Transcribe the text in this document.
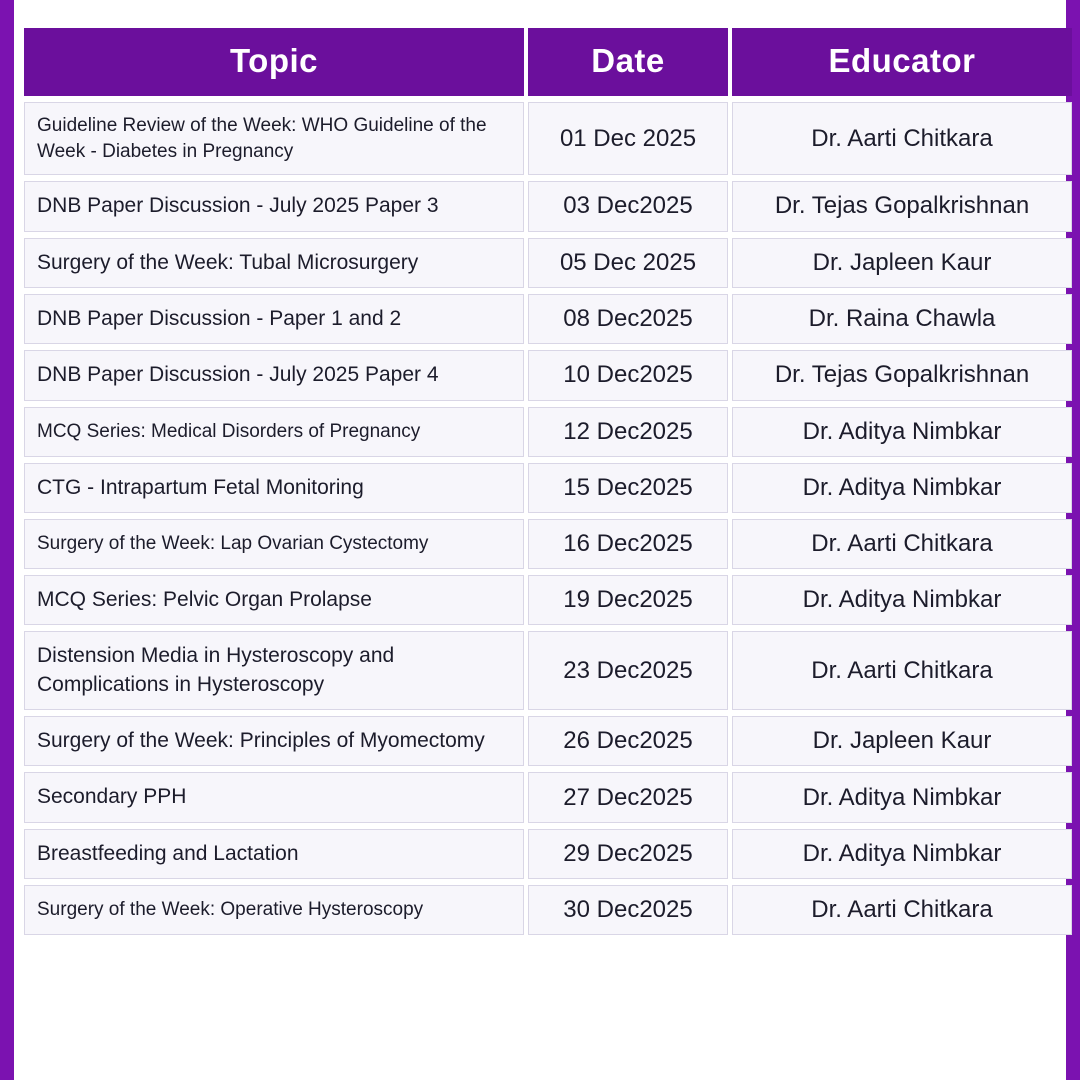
Topic	Date	Educator
Guideline Review of the Week: WHO Guideline of the Week - Diabetes in Pregnancy	01 Dec 2025	Dr. Aarti Chitkara
DNB Paper Discussion - July 2025 Paper 3	03 Dec2025	Dr. Tejas Gopalkrishnan
Surgery of the Week: Tubal Microsurgery	05 Dec 2025	Dr. Japleen Kaur
DNB Paper Discussion - Paper 1 and 2	08 Dec2025	Dr. Raina Chawla
DNB Paper Discussion - July 2025 Paper 4	10 Dec2025	Dr. Tejas Gopalkrishnan
MCQ Series: Medical Disorders of Pregnancy	12 Dec2025	Dr. Aditya Nimbkar
CTG - Intrapartum Fetal Monitoring	15 Dec2025	Dr. Aditya Nimbkar
Surgery of the Week: Lap Ovarian Cystectomy	16 Dec2025	Dr. Aarti Chitkara
MCQ Series: Pelvic Organ Prolapse	19 Dec2025	Dr. Aditya Nimbkar
Distension Media in Hysteroscopy and Complications in Hysteroscopy	23 Dec2025	Dr. Aarti Chitkara
Surgery of the Week: Principles of Myomectomy	26 Dec2025	Dr. Japleen Kaur
Secondary PPH	27 Dec2025	Dr. Aditya Nimbkar
Breastfeeding and Lactation	29 Dec2025	Dr. Aditya Nimbkar
Surgery of the Week: Operative Hysteroscopy	30 Dec2025	Dr. Aarti Chitkara
